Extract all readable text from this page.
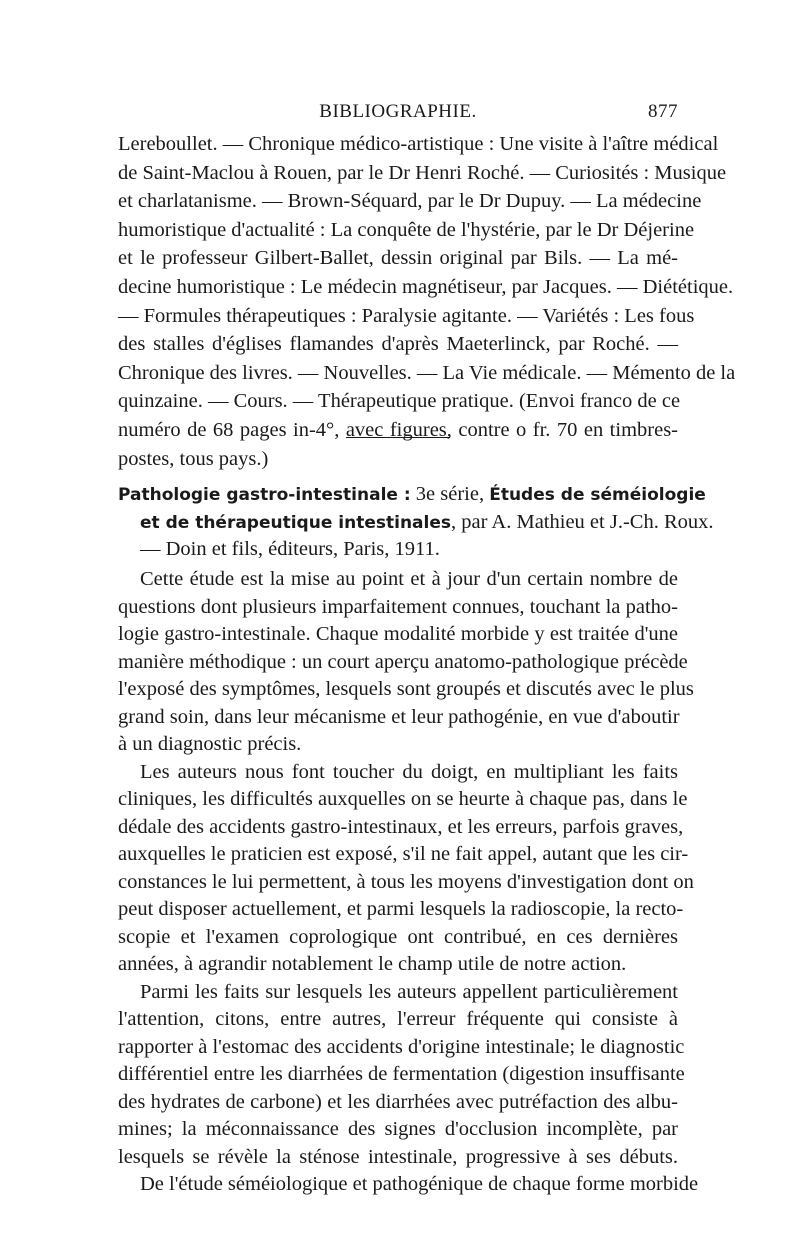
BIBLIOGRAPHIE.	877
Lereboullet. — Chronique médico-artistique : Une visite à l'aître médical
de Saint-Maclou à Rouen, par le Dr Henri Roché. — Curiosités : Musique
et charlatanisme. — Brown-Séquard, par le Dr Dupuy. — La médecine
humoristique d'actualité : La conquête de l'hystérie, par le Dr Déjerine
et le professeur Gilbert-Ballet, dessin original par Bils. — La mé-
decine humoristique : Le médecin magnétiseur, par Jacques. — Diététique.
— Formules thérapeutiques : Paralysie agitante. — Variétés : Les fous
des stalles d'églises flamandes d'après Maeterlinck, par Roché. —
Chronique des livres. — Nouvelles. — La Vie médicale. — Mémento de la
quinzaine. — Cours. — Thérapeutique pratique. (Envoi franco de ce
numéro de 68 pages in-4°, avec figures, contre o fr. 70 en timbres-
postes, tous pays.)
Pathologie gastro-intestinale : 3e série, Études de séméiologie
et de thérapeutique intestinales, par A. Mathieu et J.-Ch. Roux.
— Doin et fils, éditeurs, Paris, 1911.
Cette étude est la mise au point et à jour d'un certain nombre de
questions dont plusieurs imparfaitement connues, touchant la patho-
logie gastro-intestinale. Chaque modalité morbide y est traitée d'une
manière méthodique : un court aperçu anatomo-pathologique précède
l'exposé des symptômes, lesquels sont groupés et discutés avec le plus
grand soin, dans leur mécanisme et leur pathogénie, en vue d'aboutir
à un diagnostic précis.
Les auteurs nous font toucher du doigt, en multipliant les faits
cliniques, les difficultés auxquelles on se heurte à chaque pas, dans le
dédale des accidents gastro-intestinaux, et les erreurs, parfois graves,
auxquelles le praticien est exposé, s'il ne fait appel, autant que les cir-
constances le lui permettent, à tous les moyens d'investigation dont on
peut disposer actuellement, et parmi lesquels la radioscopie, la recto-
scopie et l'examen coprologique ont contribué, en ces dernières
années, à agrandir notablement le champ utile de notre action.
Parmi les faits sur lesquels les auteurs appellent particulièrement
l'attention, citons, entre autres, l'erreur fréquente qui consiste à
rapporter à l'estomac des accidents d'origine intestinale; le diagnostic
différentiel entre les diarrhées de fermentation (digestion insuffisante
des hydrates de carbone) et les diarrhées avec putréfaction des albu-
mines; la méconnaissance des signes d'occlusion incomplète, par
lesquels se révèle la sténose intestinale, progressive à ses débuts.
De l'étude séméiologique et pathogénique de chaque forme morbide
